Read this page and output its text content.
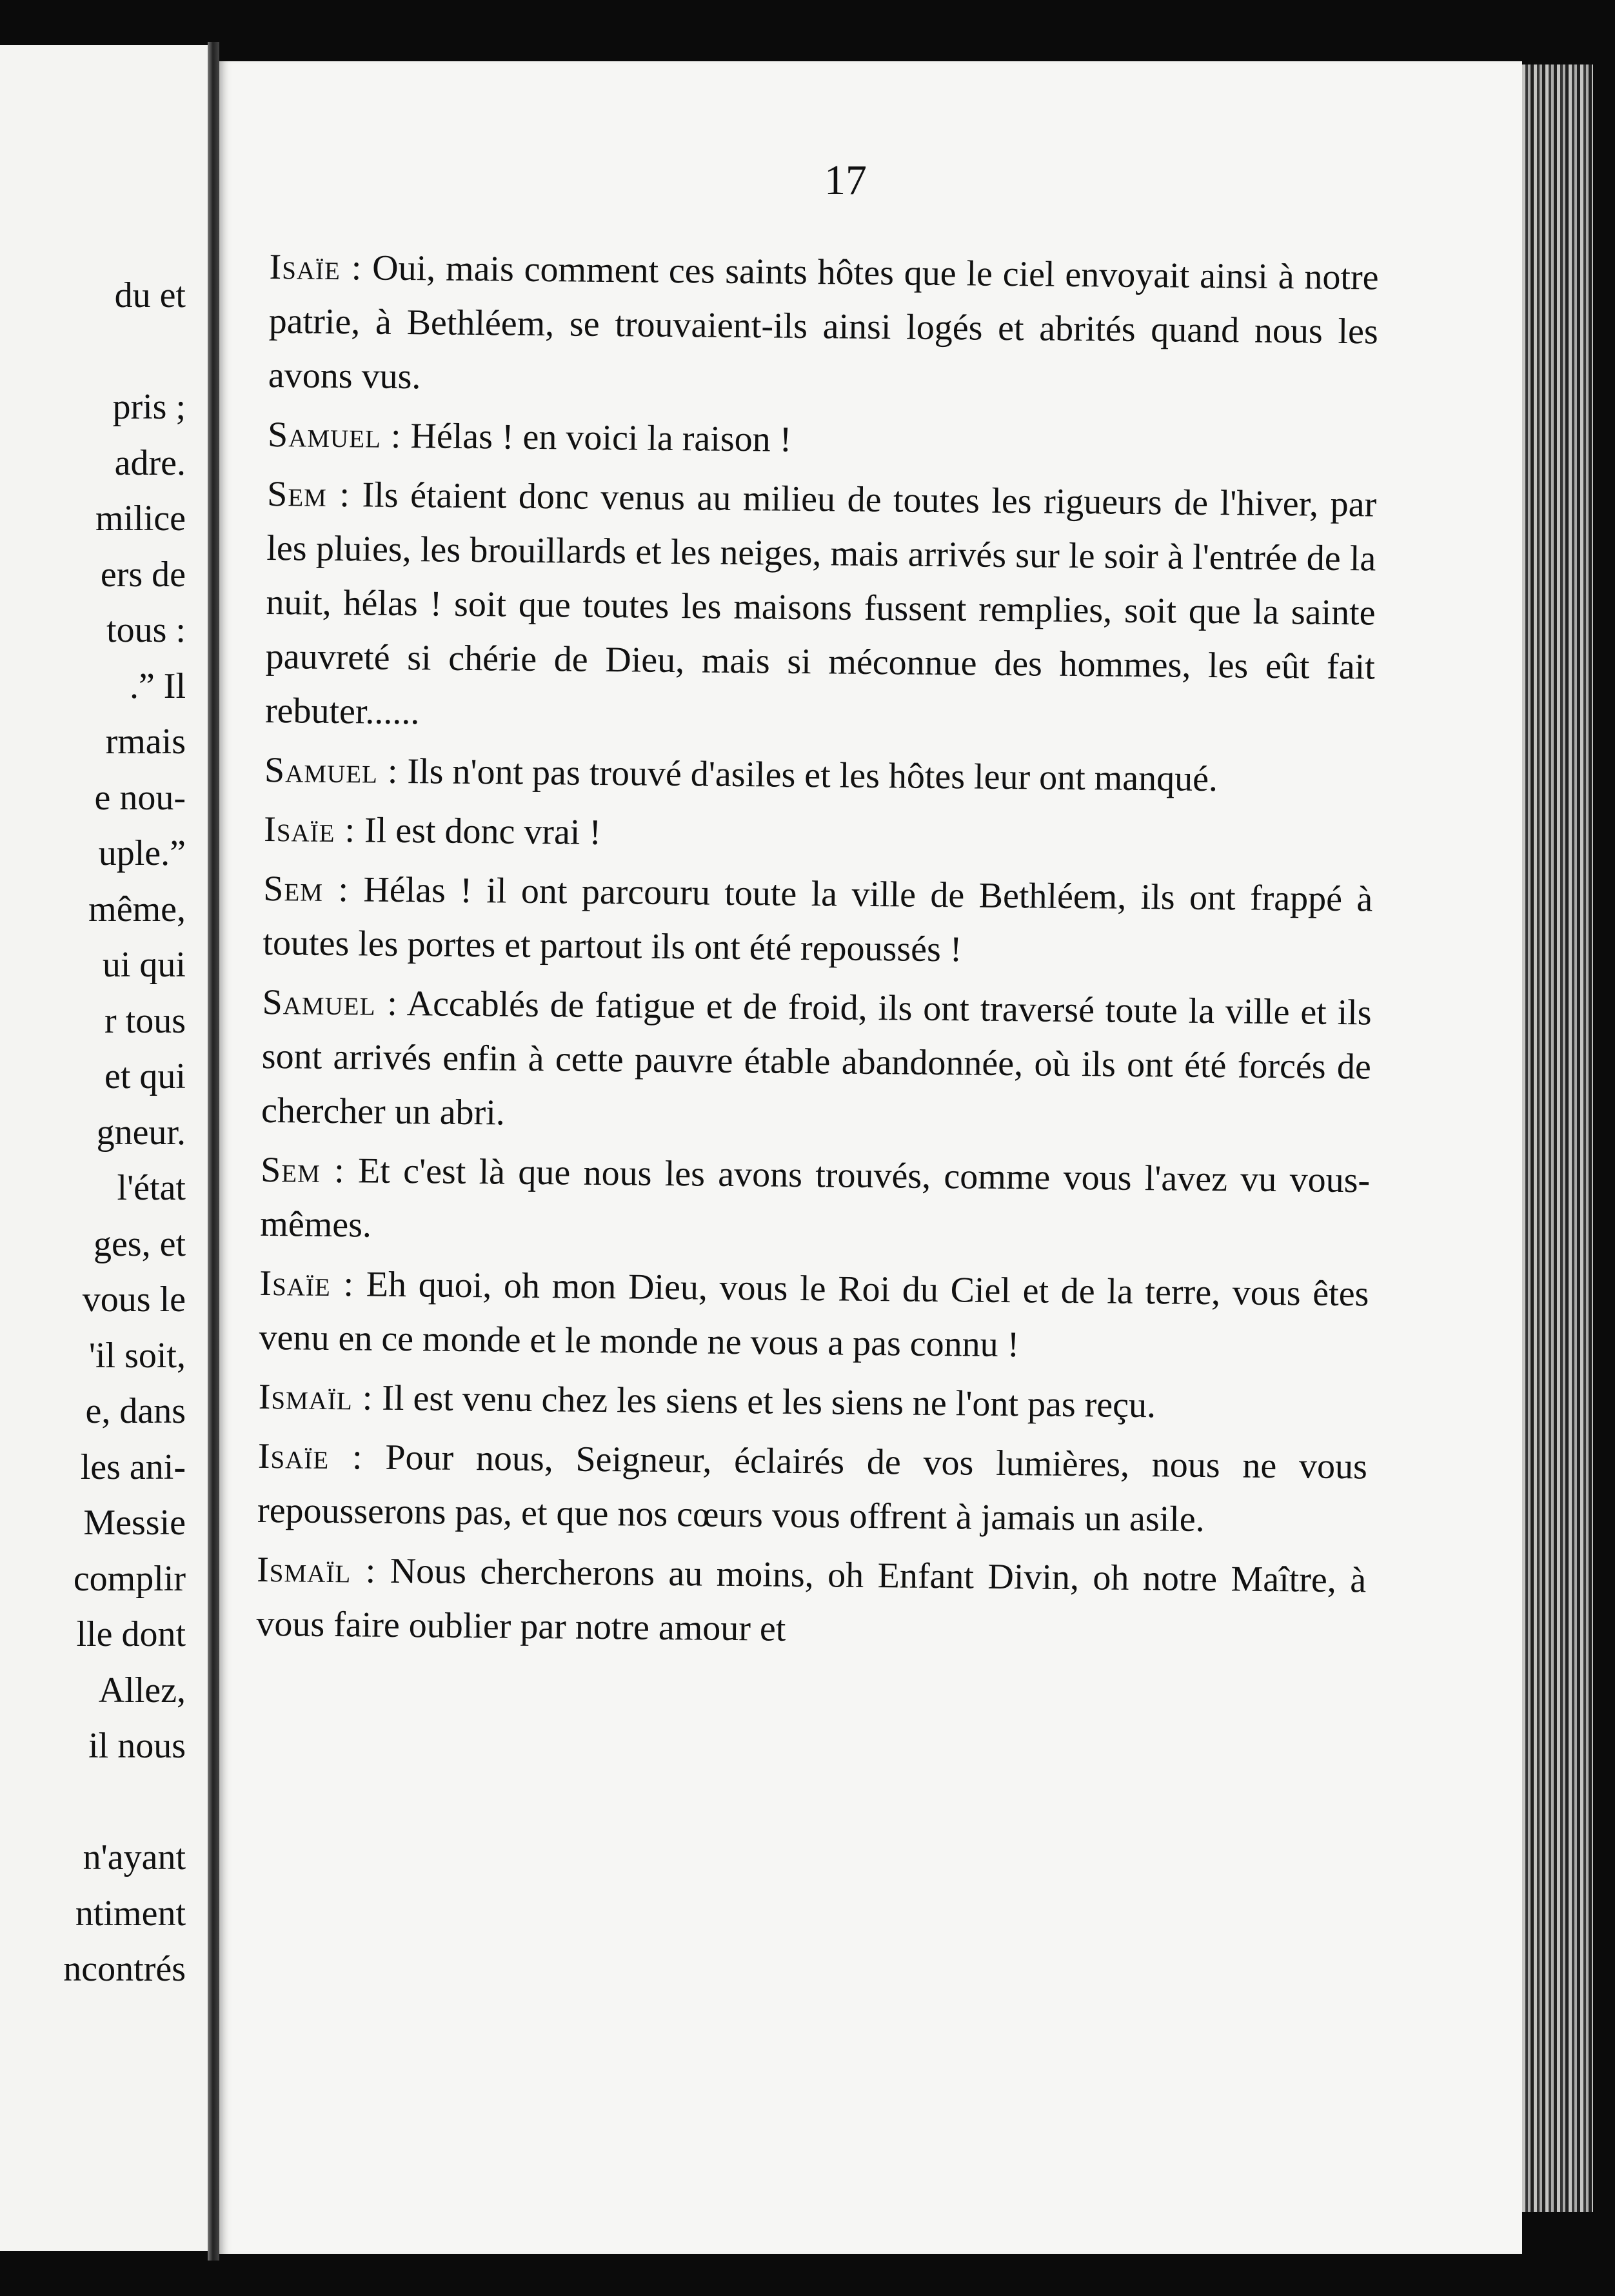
du et

pris ;
adre.
milice
ers de
tous :
.” Il
rmais
e nou-
uple.”
même,
ui qui
r tous
et qui
gneur.
l'état
ges, et
vous le
'il soit,
e, dans
les ani-
Messie
complir
lle dont
Allez,
il nous

n'ayant
ntiment
ncontrés
17

Isaïe : Oui, mais comment ces saints hôtes que le ciel envoyait ainsi à notre patrie, à Bethléem, se trouvaient-ils ainsi logés et abrités quand nous les avons vus.

Samuel : Hélas ! en voici la raison !

Sem : Ils étaient donc venus au milieu de toutes les rigueurs de l'hiver, par les pluies, les brouillards et les neiges, mais arrivés sur le soir à l'entrée de la nuit, hélas ! soit que toutes les maisons fussent remplies, soit que la sainte pauvreté si chérie de Dieu, mais si méconnue des hommes, les eût fait rebuter......

Samuel : Ils n'ont pas trouvé d'asiles et les hôtes leur ont manqué.

Isaïe : Il est donc vrai !

Sem : Hélas ! il ont parcouru toute la ville de Bethléem, ils ont frappé à toutes les portes et partout ils ont été repoussés !

Samuel : Accablés de fatigue et de froid, ils ont traversé toute la ville et ils sont arrivés enfin à cette pauvre étable abandonnée, où ils ont été forcés de chercher un abri.

Sem : Et c'est là que nous les avons trouvés, comme vous l'avez vu vous-mêmes.

Isaïe : Eh quoi, oh mon Dieu, vous le Roi du Ciel et de la terre, vous êtes venu en ce monde et le monde ne vous a pas connu !

Ismaïl : Il est venu chez les siens et les siens ne l'ont pas reçu.

Isaïe : Pour nous, Seigneur, éclairés de vos lumières, nous ne vous repousserons pas, et que nos cœurs vous offrent à jamais un asile.

Ismaïl : Nous chercherons au moins, oh Enfant Divin, oh notre Maître, à vous faire oublier par notre amour et
